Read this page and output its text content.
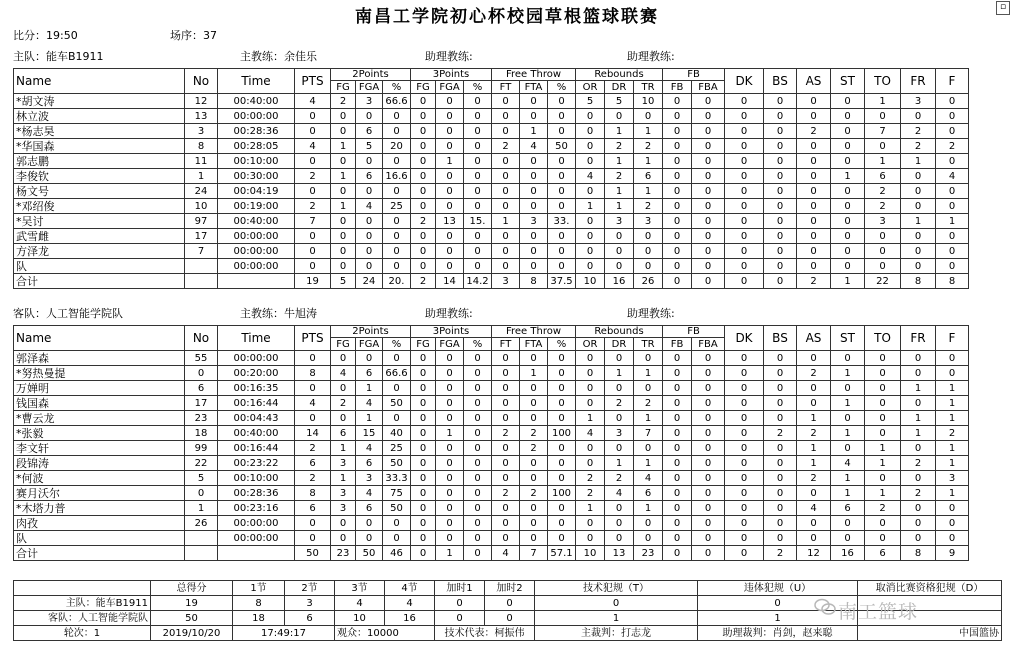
南昌工学院初心杯校园草根篮球联赛	▫
比分：19:50	场序：37
主队：能车B1911	主教练：余佳乐	助理教练:	助理教练:
Name	No	Time	PTS	2Points			3Points			Free Throw			Rebounds			FB		DK	BS	AS	ST	TO	FR	F
				FG	FGA	%	FG	FGA	%	FT	FTA	%	OR	DR	TR	FB	FBA							
*胡文涛	12	00:40:00	4	2	3	66.6	0	0	0	0	0	0	5	5	10	0	0	0	0	0	0	1	3	0
林立波	13	00:00:00	0	0	0	0	0	0	0	0	0	0	0	0	0	0	0	0	0	0	0	0	0	0
*杨志昊	3	00:28:36	0	0	6	0	0	0	0	0	1	0	0	1	1	0	0	0	0	2	0	7	2	0
*华国森	8	00:28:05	4	1	5	20	0	0	0	2	4	50	0	2	2	0	0	0	0	0	0	0	2	2
郭志鹏	11	00:10:00	0	0	0	0	0	1	0	0	0	0	0	1	1	0	0	0	0	0	0	1	1	0
李俊钦	1	00:30:00	2	1	6	16.6	0	0	0	0	0	0	4	2	6	0	0	0	0	0	1	6	0	4
杨文号	24	00:04:19	0	0	0	0	0	0	0	0	0	0	0	1	1	0	0	0	0	0	0	2	0	0
*邓绍俊	10	00:19:00	2	1	4	25	0	0	0	0	0	0	1	1	2	0	0	0	0	0	0	2	0	0
*吴讨	97	00:40:00	7	0	0	0	2	13	15.	1	3	33.	0	3	3	0	0	0	0	0	0	3	1	1
武雪雌	17	00:00:00	0	0	0	0	0	0	0	0	0	0	0	0	0	0	0	0	0	0	0	0	0	0
方泽龙	7	00:00:00	0	0	0	0	0	0	0	0	0	0	0	0	0	0	0	0	0	0	0	0	0	0
队		00:00:00	0	0	0	0	0	0	0	0	0	0	0	0	0	0	0	0	0	0	0	0	0	0
合计			19	5	24	20.	2	14	14.2	3	8	37.5	10	16	26	0	0	0	0	2	1	22	8	8
客队：人工智能学院队	主教练：牛旭涛	助理教练:	助理教练:
Name	No	Time	PTS	2Points			3Points			Free Throw			Rebounds			FB		DK	BS	AS	ST	TO	FR	F
				FG	FGA	%	FG	FGA	%	FT	FTA	%	OR	DR	TR	FB	FBA							
郭泽森	55	00:00:00	0	0	0	0	0	0	0	0	0	0	0	0	0	0	0	0	0	0	0	0	0	0
*努热曼提	0	00:20:00	8	4	6	66.6	0	0	0	0	1	0	0	1	1	0	0	0	0	2	1	0	0	0
万婵明	6	00:16:35	0	0	1	0	0	0	0	0	0	0	0	0	0	0	0	0	0	0	0	0	1	1
钱国森	17	00:16:44	4	2	4	50	0	0	0	0	0	0	0	2	2	0	0	0	0	0	1	0	0	1
*曹云龙	23	00:04:43	0	0	1	0	0	0	0	0	0	0	1	0	1	0	0	0	0	1	0	0	1	1
*张毅	18	00:40:00	14	6	15	40	0	1	0	2	2	100	4	3	7	0	0	0	2	2	1	0	1	2
李文轩	99	00:16:44	2	1	4	25	0	0	0	0	2	0	0	0	0	0	0	0	0	1	0	1	0	1
段锦涛	22	00:23:22	6	3	6	50	0	0	0	0	0	0	0	1	1	0	0	0	0	1	4	1	2	1
*何波	5	00:10:00	2	1	3	33.3	0	0	0	0	0	0	2	2	4	0	0	0	0	2	1	0	0	3
赛月沃尔	0	00:28:36	8	3	4	75	0	0	0	2	2	100	2	4	6	0	0	0	0	0	1	1	2	1
*木塔力普	1	00:23:16	6	3	6	50	0	0	0	0	0	0	1	0	1	0	0	0	0	4	6	2	0	0
肉孜	26	00:00:00	0	0	0	0	0	0	0	0	0	0	0	0	0	0	0	0	0	0	0	0	0	0
队		00:00:00	0	0	0	0	0	0	0	0	0	0	0	0	0	0	0	0	0	0	0	0	0	0
合计			50	23	50	46	0	1	0	4	7	57.1	10	13	23	0	0	0	2	12	16	6	8	9
	总得分	1节	2节	3节	4节	加时1	加时2	技术犯规（T）	违体犯规（U）	取消比赛资格犯规（D）
主队：能车B1911	19	8	3	4	4	0	0	0	0	
客队：人工智能学院队	50	18	6	10	16	0	0	1	1	
轮次：1	2019/10/20	17:49:17		观众：10000		技术代表：柯振伟		主裁判：打志龙	助理裁判：肖剑，赵来聪	中国篮协
南工篮球
